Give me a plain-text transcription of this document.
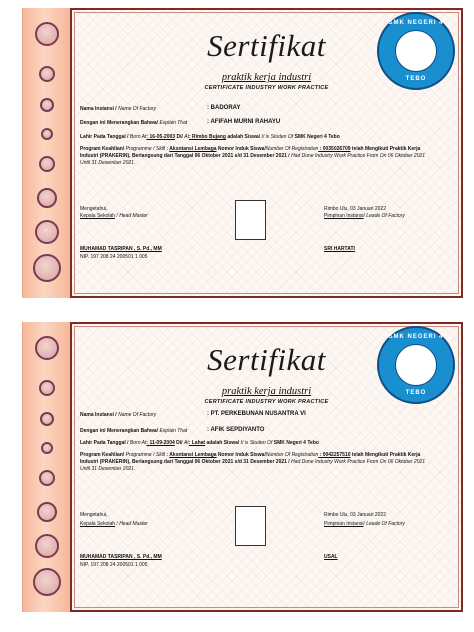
Sertifikat
praktik kerja industri
CERTIFICATE INDUSTRY WORK PRACTICE
SMK NEGERI 4
TEBO
Nama Instansi / Name Of Factory	: BADORAY
Dengan ini Menerangkan Bahwa/ Explain That	: AFIFAH MURNI RAHAYU
Lahir Pada Tanggal / Born At: 16-05-2003 Di/ At: Rimbo Bujang adalah Siswa/ I/ is Studen Of SMK Negeri 4 Tebo
Program Keahlian/ Programme / Skill : Aksntansi Lembaga Nomor Induk Siswa/Number Of Registration : 0035026709 telah Mengikuti Praktik Kerja
Industri (PRAKERIN), Berlangsung dari Tanggal 06 Oktober 2021 s/d 31 Desember 2021 / Had Done Industry Work Practice From On 06 Oktober 2021
Until 31 Desember 2021.
Mengetahui,
Kepala Sekolah / Head Master
Rimbo Ulu, 03 Januari 2022
Pimpinan Instansi/ Leade Of Factory
MUHAMAD TASRIPAN , S. Pd., MM
NIP. 197 208 24 200501 1 005
SRI HARTATI
Sertifikat
praktik kerja industri
CERTIFICATE INDUSTRY WORK PRACTICE
SMK NEGERI 4
TEBO
Nama Instansi / Name Of Factory	: PT. PERKEBUNAN NUSANTRA VI
Dengan ini Menerangkan Bahwa/ Explain That	: AFIK SEPDIYANTO
Lahir Pada Tanggal / Born At: 11-09-2004 Di/ At: Lahat adalah Siswa/ I/ is Studen Of SMK Negeri 4 Tebo
Program Keahlian/ Programme / Skill : Aksntansi Lembaga Nomor Induk Siswa/Number Of Registration : 0042257510 telah Mengikuti Praktik Kerja
Industri (PRAKERIN), Berlangsung dari Tanggal 06 Oktober 2021 s/d 31 Desember 2021 / Had Done Industry Work Practice From On 06 Oktober 2021
Until 31 Desember 2021.
Mengetahui,
Kepala Sekolah / Head Master
Rimbo Ulu, 03 Januari 2022
Pimpinan Instansi/ Leade Of Factory
MUHAMAD TASRIPAN , S. Pd., MM
NIP. 197 208 24 200501 1 005
USAL
